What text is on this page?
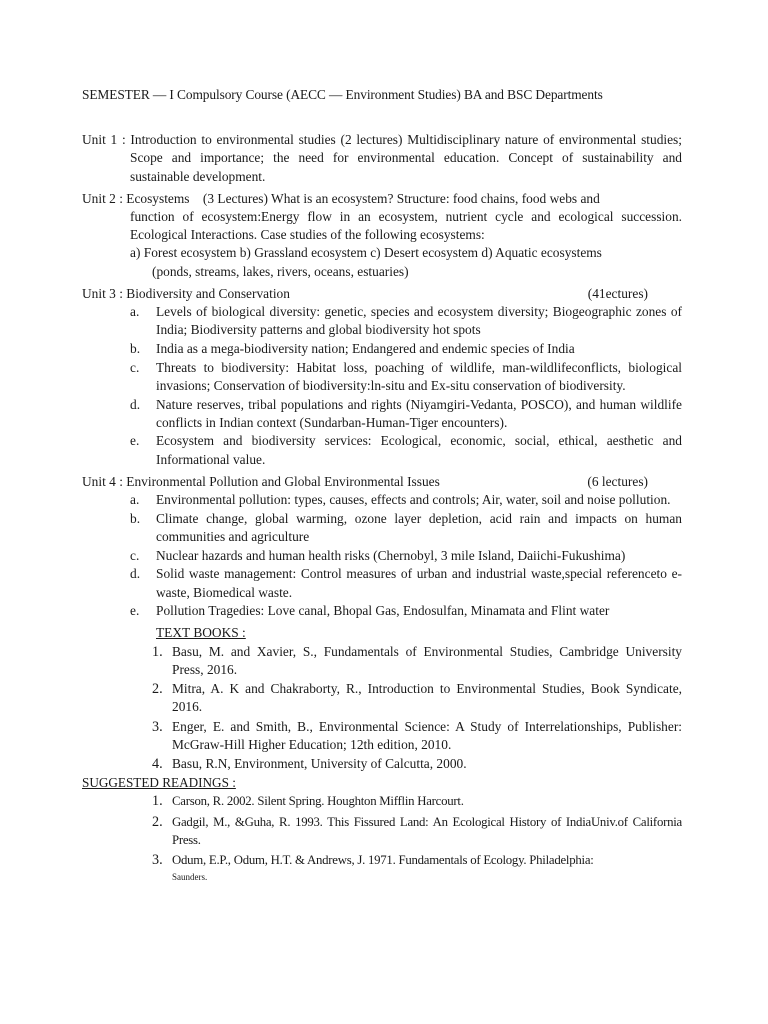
SEMESTER — I Compulsory Course (AECC — Environment Studies) BA and BSC Departments
Unit 1 : Introduction to environmental studies (2 lectures) Multidisciplinary nature of environmental studies; Scope and importance; the need for environmental education. Concept of sustainability and sustainable development.
Unit 2 : Ecosystems    (3 Lectures) What is an ecosystem? Structure: food chains, food webs and
function of ecosystem:Energy flow in an ecosystem, nutrient cycle and ecological succession. Ecological Interactions. Case studies of the following ecosystems:
a) Forest ecosystem b) Grassland ecosystem c) Desert ecosystem d) Aquatic ecosystems
(ponds, streams, lakes, rivers, oceans, estuaries)
Unit 3 : Biodiversity and Conservation	(41ectures)
a.	Levels of biological diversity: genetic, species and ecosystem diversity; Biogeographic zones of India; Biodiversity patterns and global biodiversity hot spots
b.	India as a mega-biodiversity nation; Endangered and endemic species of India
c.	Threats to biodiversity: Habitat loss, poaching of wildlife, man-wildlifeconflicts, biological invasions; Conservation of biodiversity:ln-situ and Ex-situ conservation of biodiversity.
d.	Nature reserves, tribal populations and rights (Niyamgiri-Vedanta, POSCO), and human wildlife conflicts in Indian context (Sundarban-Human-Tiger encounters).
e.	Ecosystem and biodiversity services: Ecological, economic, social, ethical, aesthetic and Informational value.
Unit 4 : Environmental Pollution and Global Environmental Issues	(6 lectures)
a.	Environmental pollution: types, causes, effects and controls; Air, water, soil and noise pollution.
b.	Climate change, global warming, ozone layer depletion, acid rain and impacts on human communities and agriculture
c.	Nuclear hazards and human health risks (Chernobyl, 3 mile Island, Daiichi-Fukushima)
d.	Solid waste management: Control measures of urban and industrial waste,special referenceto e-waste, Biomedical waste.
e.	Pollution Tragedies: Love canal, Bhopal Gas, Endosulfan, Minamata and Flint water
TEXT BOOKS :
1. Basu, M. and Xavier, S., Fundamentals of Environmental Studies, Cambridge University Press, 2016.
2. Mitra, A. K and Chakraborty, R., Introduction to Environmental Studies, Book Syndicate, 2016.
3. Enger, E. and Smith, B., Environmental Science: A Study of Interrelationships, Publisher: McGraw-Hill Higher Education; 12th edition, 2010.
4. Basu, R.N, Environment, University of Calcutta, 2000.
SUGGESTED READINGS :
1. Carson, R. 2002. Silent Spring. Houghton Mifflin Harcourt.
2. Gadgil, M., &Guha, R. 1993. This Fissured Land: An Ecological History of IndiaUniv.of California Press.
3. Odum, E.P., Odum, H.T. & Andrews, J. 1971. Fundamentals of Ecology. Philadelphia:
Saunders.
